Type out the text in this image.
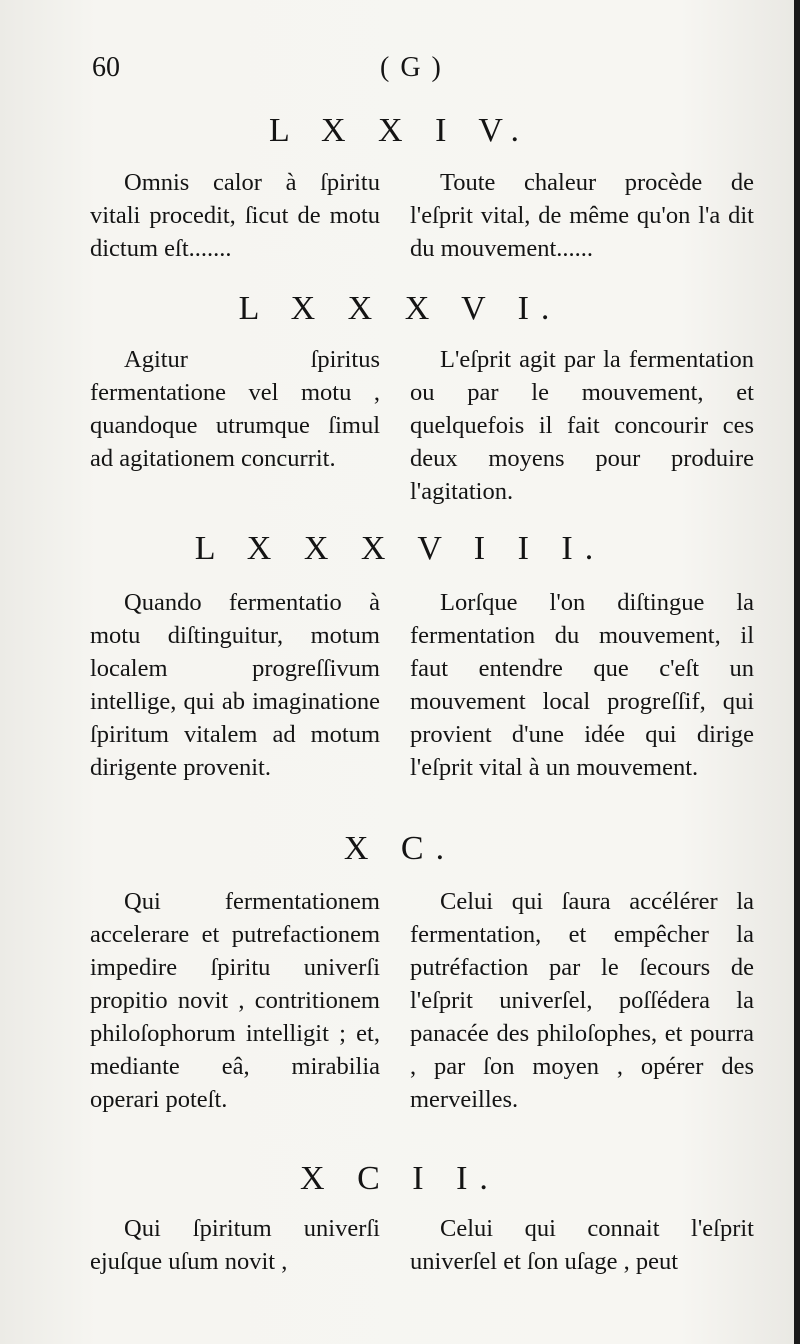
60	( G )
L X X I V.

Omnis calor à ſpiritu vitali procedit, ſicut de motu dictum eſt.......

Toute chaleur procède de l'eſprit vital, de même qu'on l'a dit du mouvement......

L X X X V I.

Agitur ſpiritus fermentatione vel motu , quandoque utrumque ſimul ad agitationem concurrit.

L'eſprit agit par la fermentation ou par le mouvement, et quelquefois il fait concourir ces deux moyens pour produire l'agitation.

L X X X V I I I.

Quando fermentatio à motu diſtinguitur, motum localem progreſſivum intellige, qui ab imaginatione ſpiritum vitalem ad motum dirigente provenit.

Lorſque l'on diſtingue la fermentation du mouvement, il faut entendre que c'eſt un mouvement local progreſſif, qui provient d'une idée qui dirige l'eſprit vital à un mouvement.

X C.

Qui fermentationem accelerare et putrefactionem impedire ſpiritu univerſi propitio novit , contritionem philoſophorum intelligit ; et, mediante eâ, mirabilia operari poteſt.

Celui qui ſaura accélérer la fermentation, et empêcher la putréfaction par le ſecours de l'eſprit univerſel, poſſédera la panacée des philoſophes, et pourra , par ſon moyen , opérer des merveilles.

X C I I.

Qui ſpiritum univerſi ejuſque uſum novit ,

Celui qui connait l'eſprit univerſel et ſon uſage , peut
